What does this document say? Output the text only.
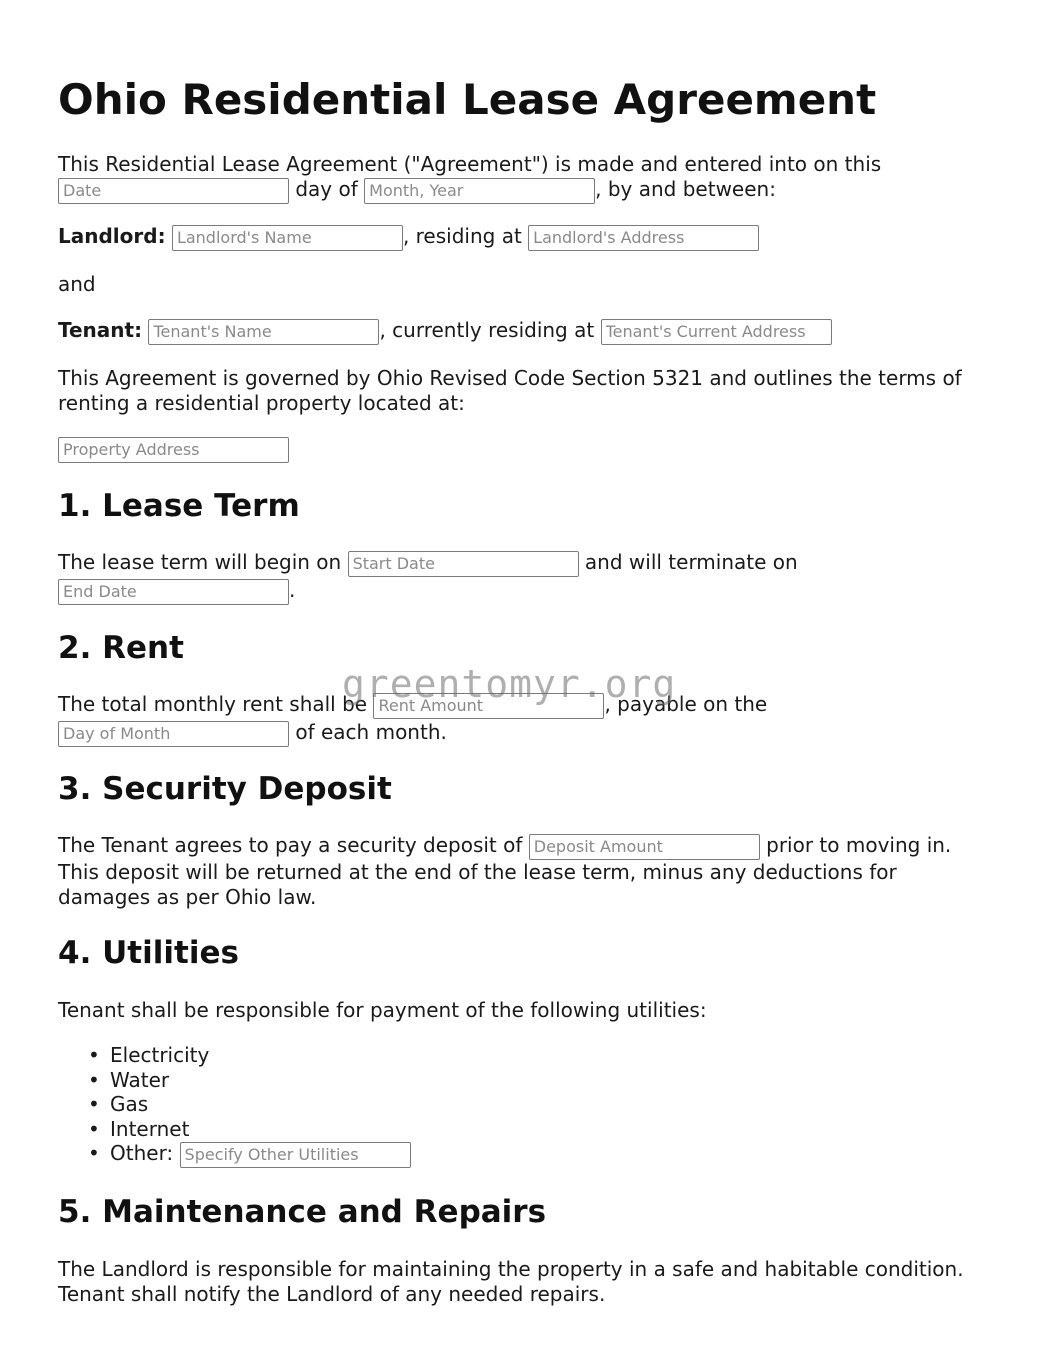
Ohio Residential Lease Agreement
This Residential Lease Agreement ("Agreement") is made and entered into on this
Date day of Month, Year	, by and between:
Landlord: Landlord's Name	, residing at Landlord's Address
and
Tenant: Tenant's Name	, currently residing at Tenant's Current Address
This Agreement is governed by Ohio Revised Code Section 5321 and outlines the terms of
renting a residential property located at:
Property Address
1. Lease Term
The lease term will begin on Start Date	and will terminate on
End Date.
2. Rent
The total monthly rent shall be Rent Amount	, payable on the
Day of Month of each month.
3. Security Deposit
The Tenant agrees to pay a security deposit of Deposit Amount	prior to moving in.
This deposit will be returned at the end of the lease term, minus any deductions for
damages as per Ohio law.
4. Utilities
Tenant shall be responsible for payment of the following utilities:
• Electricity
• Water
• Gas
• Internet
• Other: Specify Other Utilities
5. Maintenance and Repairs
The Landlord is responsible for maintaining the property in a safe and habitable condition.
Tenant shall notify the Landlord of any needed repairs.
greentomyr.org
